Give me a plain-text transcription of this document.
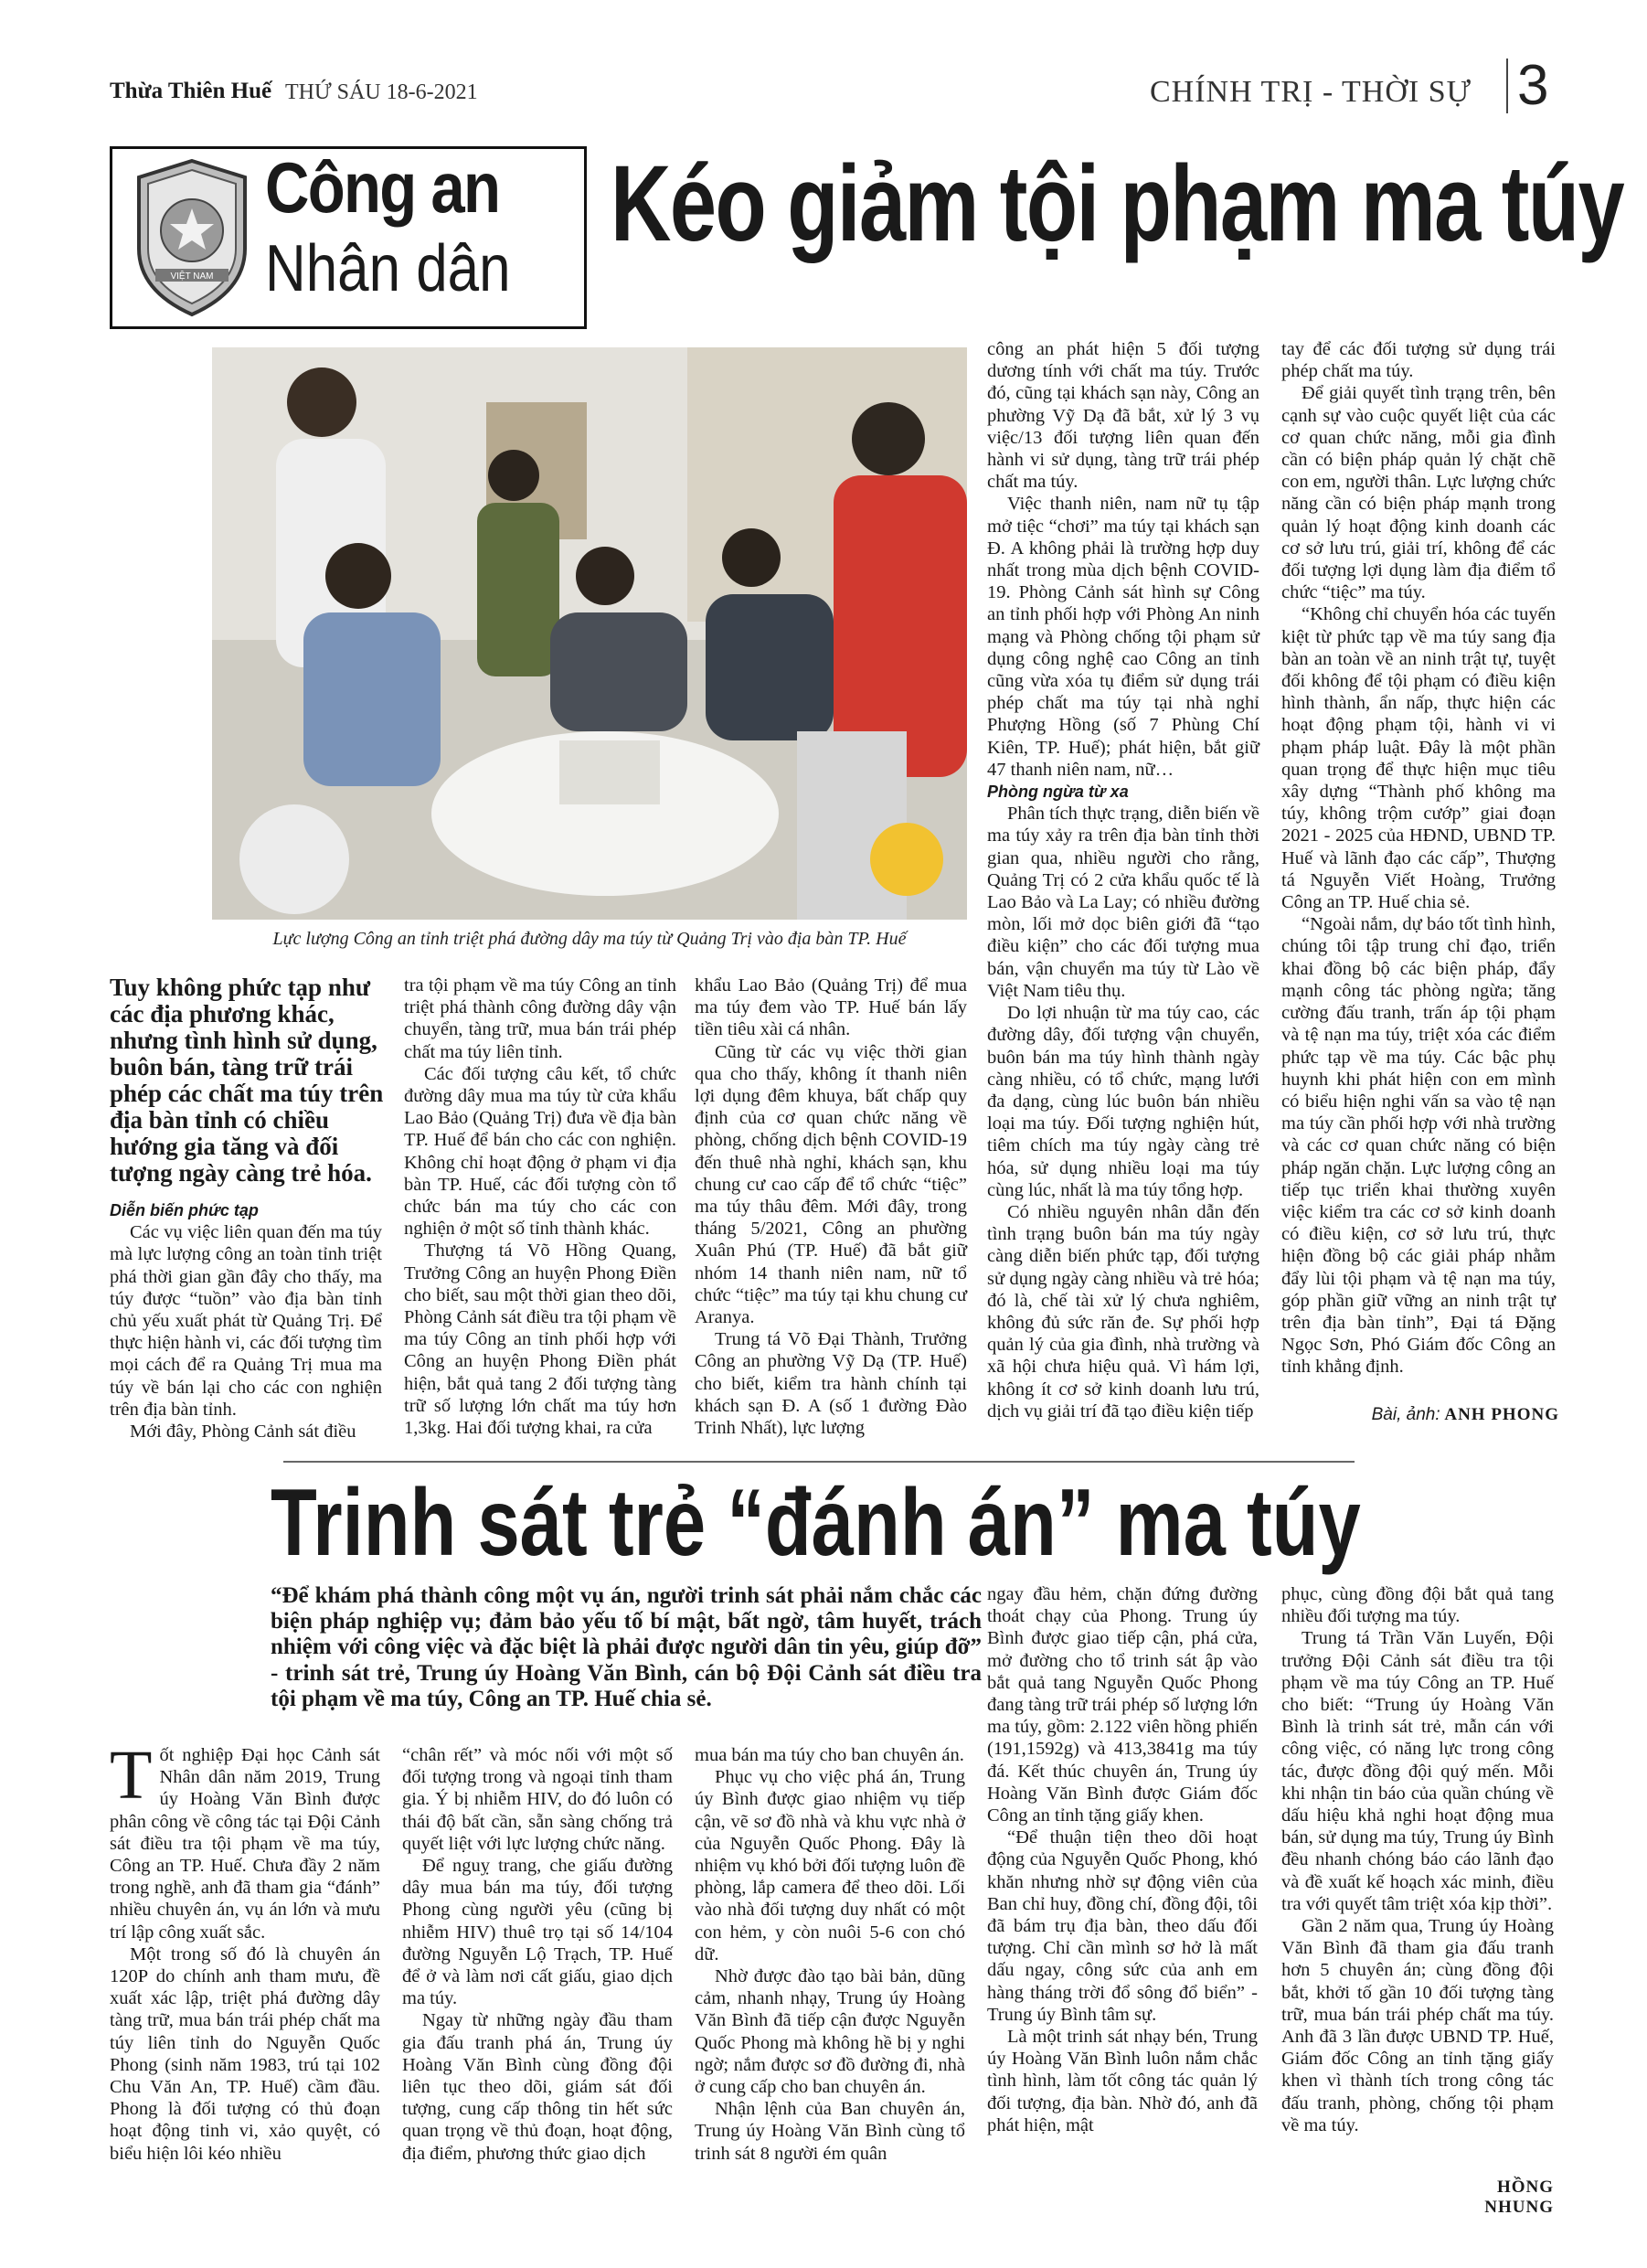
Thừa Thiên Huế THỨ SÁU 18-6-2021	CHÍNH TRỊ - THỜI SỰ 3
VIỆT NAM
Công an
Nhân dân
Kéo giảm tội phạm ma túy
Lực lượng Công an tỉnh triệt phá đường dây ma túy từ Quảng Trị vào địa bàn TP. Huế
Tuy không phức tạp như các địa phương khác, nhưng tình hình sử dụng, buôn bán, tàng trữ trái phép các chất ma túy trên địa bàn tỉnh có chiều hướng gia tăng và đối tượng ngày càng trẻ hóa.

Diễn biến phức tạp

Các vụ việc liên quan đến ma túy mà lực lượng công an toàn tỉnh triệt phá thời gian gần đây cho thấy, ma túy được “tuồn” vào địa bàn tỉnh chủ yếu xuất phát từ Quảng Trị. Để thực hiện hành vi, các đối tượng tìm mọi cách để ra Quảng Trị mua ma túy về bán lại cho các con nghiện trên địa bàn tỉnh.

Mới đây, Phòng Cảnh sát điều

tra tội phạm về ma túy Công an tỉnh triệt phá thành công đường dây vận chuyển, tàng trữ, mua bán trái phép chất ma túy liên tỉnh.

Các đối tượng câu kết, tổ chức đường dây mua ma túy từ cửa khẩu Lao Bảo (Quảng Trị) đưa về địa bàn TP. Huế để bán cho các con nghiện. Không chỉ hoạt động ở phạm vi địa bàn TP. Huế, các đối tượng còn tổ chức bán ma túy cho các con nghiện ở một số tỉnh thành khác.

Thượng tá Võ Hồng Quang, Trưởng Công an huyện Phong Điền cho biết, sau một thời gian theo dõi, Phòng Cảnh sát điều tra tội phạm về ma túy Công an tỉnh phối hợp với Công an huyện Phong Điền phát hiện, bắt quả tang 2 đối tượng tàng trữ số lượng lớn chất ma túy hơn 1,3kg. Hai đối tượng khai, ra cửa

khẩu Lao Bảo (Quảng Trị) để mua ma túy đem vào TP. Huế bán lấy tiền tiêu xài cá nhân.

Cũng từ các vụ việc thời gian qua cho thấy, không ít thanh niên lợi dụng đêm khuya, bất chấp quy định của cơ quan chức năng về phòng, chống dịch bệnh COVID-19 đến thuê nhà nghỉ, khách sạn, khu chung cư cao cấp để tổ chức “tiệc” ma túy thâu đêm. Mới đây, trong tháng 5/2021, Công an phường Xuân Phú (TP. Huế) đã bắt giữ nhóm 14 thanh niên nam, nữ tổ chức “tiệc” ma túy tại khu chung cư Aranya.

Trung tá Võ Đại Thành, Trưởng Công an phường Vỹ Dạ (TP. Huế) cho biết, kiểm tra hành chính tại khách sạn Đ. A (số 1 đường Đào Trinh Nhất), lực lượng

công an phát hiện 5 đối tượng dương tính với chất ma túy. Trước đó, cũng tại khách sạn này, Công an phường Vỹ Dạ đã bắt, xử lý 3 vụ việc/13 đối tượng liên quan đến hành vi sử dụng, tàng trữ trái phép chất ma túy.

Việc thanh niên, nam nữ tụ tập mở tiệc “chơi” ma túy tại khách sạn Đ. A không phải là trường hợp duy nhất trong mùa dịch bệnh COVID-19. Phòng Cảnh sát hình sự Công an tỉnh phối hợp với Phòng An ninh mạng và Phòng chống tội phạm sử dụng công nghệ cao Công an tỉnh cũng vừa xóa tụ điểm sử dụng trái phép chất ma túy tại nhà nghỉ Phượng Hồng (số 7 Phùng Chí Kiên, TP. Huế); phát hiện, bắt giữ 47 thanh niên nam, nữ…

Phòng ngừa từ xa

Phân tích thực trạng, diễn biến về ma túy xảy ra trên địa bàn tỉnh thời gian qua, nhiều người cho rằng, Quảng Trị có 2 cửa khẩu quốc tế là Lao Bảo và La Lay; có nhiều đường mòn, lối mở dọc biên giới đã “tạo điều kiện” cho các đối tượng mua bán, vận chuyển ma túy từ Lào về Việt Nam tiêu thụ.

Do lợi nhuận từ ma túy cao, các đường dây, đối tượng vận chuyển, buôn bán ma túy hình thành ngày càng nhiều, có tổ chức, mạng lưới đa dạng, cùng lúc buôn bán nhiều loại ma túy. Đối tượng nghiện hút, tiêm chích ma túy ngày càng trẻ hóa, sử dụng nhiều loại ma túy cùng lúc, nhất là ma túy tổng hợp.

Có nhiều nguyên nhân dẫn đến tình trạng buôn bán ma túy ngày càng diễn biến phức tạp, đối tượng sử dụng ngày càng nhiều và trẻ hóa; đó là, chế tài xử lý chưa nghiêm, không đủ sức răn đe. Sự phối hợp quản lý của gia đình, nhà trường và xã hội chưa hiệu quả. Vì hám lợi, không ít cơ sở kinh doanh lưu trú, dịch vụ giải trí đã tạo điều kiện tiếp

tay để các đối tượng sử dụng trái phép chất ma túy.

Để giải quyết tình trạng trên, bên cạnh sự vào cuộc quyết liệt của các cơ quan chức năng, mỗi gia đình cần có biện pháp quản lý chặt chẽ con em, người thân. Lực lượng chức năng cần có biện pháp mạnh trong quản lý hoạt động kinh doanh các cơ sở lưu trú, giải trí, không để các đối tượng lợi dụng làm địa điểm tổ chức “tiệc” ma túy.

“Không chỉ chuyển hóa các tuyến kiệt từ phức tạp về ma túy sang địa bàn an toàn về an ninh trật tự, tuyệt đối không để tội phạm có điều kiện hình thành, ẩn nấp, thực hiện các hoạt động phạm tội, hành vi vi phạm pháp luật. Đây là một phần quan trọng để thực hiện mục tiêu xây dựng “Thành phố không ma túy, không trộm cướp” giai đoạn 2021 - 2025 của HĐND, UBND TP. Huế và lãnh đạo các cấp”, Thượng tá Nguyễn Viết Hoàng, Trưởng Công an TP. Huế chia sẻ.

“Ngoài nắm, dự báo tốt tình hình, chúng tôi tập trung chỉ đạo, triển khai đồng bộ các biện pháp, đẩy mạnh công tác phòng ngừa; tăng cường đấu tranh, trấn áp tội phạm và tệ nạn ma túy, triệt xóa các điểm phức tạp về ma túy. Các bậc phụ huynh khi phát hiện con em mình có biểu hiện nghi vấn sa vào tệ nạn ma túy cần phối hợp với nhà trường và các cơ quan chức năng có biện pháp ngăn chặn. Lực lượng công an tiếp tục triển khai thường xuyên việc kiểm tra các cơ sở kinh doanh có điều kiện, cơ sở lưu trú, thực hiện đồng bộ các giải pháp nhằm đẩy lùi tội phạm và tệ nạn ma túy, góp phần giữ vững an ninh trật tự trên địa bàn tỉnh”, Đại tá Đặng Ngọc Sơn, Phó Giám đốc Công an tỉnh khẳng định.

Bài, ảnh: ANH PHONG
Trinh sát trẻ “đánh án” ma túy
“Để khám phá thành công một vụ án, người trinh sát phải nắm chắc các biện pháp nghiệp vụ; đảm bảo yếu tố bí mật, bất ngờ, tâm huyết, trách nhiệm với công việc và đặc biệt là phải được người dân tin yêu, giúp đỡ” - trinh sát trẻ, Trung úy Hoàng Văn Bình, cán bộ Đội Cảnh sát điều tra tội phạm về ma túy, Công an TP. Huế chia sẻ.

Tốt nghiệp Đại học Cảnh sát Nhân dân năm 2019, Trung úy Hoàng Văn Bình được phân công về công tác tại Đội Cảnh sát điều tra tội phạm về ma túy, Công an TP. Huế. Chưa đầy 2 năm trong nghề, anh đã tham gia “đánh” nhiều chuyên án, vụ án lớn và mưu trí lập công xuất sắc.

Một trong số đó là chuyên án 120P do chính anh tham mưu, đề xuất xác lập, triệt phá đường dây tàng trữ, mua bán trái phép chất ma túy liên tỉnh do Nguyễn Quốc Phong (sinh năm 1983, trú tại 102 Chu Văn An, TP. Huế) cầm đầu. Phong là đối tượng có thủ đoạn hoạt động tinh vi, xảo quyệt, có biểu hiện lôi kéo nhiều

“chân rết” và móc nối với một số đối tượng trong và ngoại tỉnh tham gia. Ý bị nhiễm HIV, do đó luôn có thái độ bất cần, sẵn sàng chống trả quyết liệt với lực lượng chức năng.

Để nguỵ trang, che giấu đường dây mua bán ma túy, đối tượng Phong cùng người yêu (cũng bị nhiễm HIV) thuê trọ tại số 14/104 đường Nguyễn Lộ Trạch, TP. Huế để ở và làm nơi cất giấu, giao dịch ma túy.

Ngay từ những ngày đầu tham gia đấu tranh phá án, Trung úy Hoàng Văn Bình cùng đồng đội liên tục theo dõi, giám sát đối tượng, cung cấp thông tin hết sức quan trọng về thủ đoạn, hoạt động, địa điểm, phương thức giao dịch

mua bán ma túy cho ban chuyên án.

Phục vụ cho việc phá án, Trung úy Bình được giao nhiệm vụ tiếp cận, vẽ sơ đồ nhà và khu vực nhà ở của Nguyễn Quốc Phong. Đây là nhiệm vụ khó bởi đối tượng luôn đề phòng, lắp camera để theo dõi. Lối vào nhà đối tượng duy nhất có một con hẻm, y còn nuôi 5-6 con chó dữ.

Nhờ được đào tạo bài bản, dũng cảm, nhanh nhạy, Trung úy Hoàng Văn Bình đã tiếp cận được Nguyễn Quốc Phong mà không hề bị y nghi ngờ; nắm được sơ đồ đường đi, nhà ở cung cấp cho ban chuyên án.

Nhận lệnh của Ban chuyên án, Trung úy Hoàng Văn Bình cùng tổ trinh sát 8 người ém quân

ngay đầu hẻm, chặn đứng đường thoát chạy của Phong. Trung úy Bình được giao tiếp cận, phá cửa, mở đường cho tổ trinh sát ập vào bắt quả tang Nguyễn Quốc Phong đang tàng trữ trái phép số lượng lớn ma túy, gồm: 2.122 viên hồng phiến (191,1592g) và 413,3841g ma túy đá. Kết thúc chuyên án, Trung úy Hoàng Văn Bình được Giám đốc Công an tỉnh tặng giấy khen.

“Để thuận tiện theo dõi hoạt động của Nguyễn Quốc Phong, khó khăn nhưng nhờ sự động viên của Ban chỉ huy, đồng chí, đồng đội, tôi đã bám trụ địa bàn, theo dấu đối tượng. Chỉ cần mình sơ hở là mất dấu ngay, công sức của anh em hàng tháng trời đổ sông đổ biển” - Trung úy Bình tâm sự.

Là một trinh sát nhạy bén, Trung úy Hoàng Văn Bình luôn nắm chắc tình hình, làm tốt công tác quản lý đối tượng, địa bàn. Nhờ đó, anh đã phát hiện, mật

phục, cùng đồng đội bắt quả tang nhiều đối tượng ma túy.

Trung tá Trần Văn Luyến, Đội trưởng Đội Cảnh sát điều tra tội phạm về ma túy Công an TP. Huế cho biết: “Trung úy Hoàng Văn Bình là trinh sát trẻ, mẫn cán với công việc, có năng lực trong công tác, được đồng đội quý mến. Mỗi khi nhận tin báo của quần chúng về dấu hiệu khả nghi hoạt động mua bán, sử dụng ma túy, Trung úy Bình đều nhanh chóng báo cáo lãnh đạo và đề xuất kế hoạch xác minh, điều tra với quyết tâm triệt xóa kịp thời”.

Gần 2 năm qua, Trung úy Hoàng Văn Bình đã tham gia đấu tranh hơn 5 chuyên án; cùng đồng đội bắt, khởi tố gần 10 đối tượng tàng trữ, mua bán trái phép chất ma túy. Anh đã 3 lần được UBND TP. Huế, Giám đốc Công an tỉnh tặng giấy khen vì thành tích trong công tác đấu tranh, phòng, chống tội phạm về ma túy.

HỒNG NHUNG
